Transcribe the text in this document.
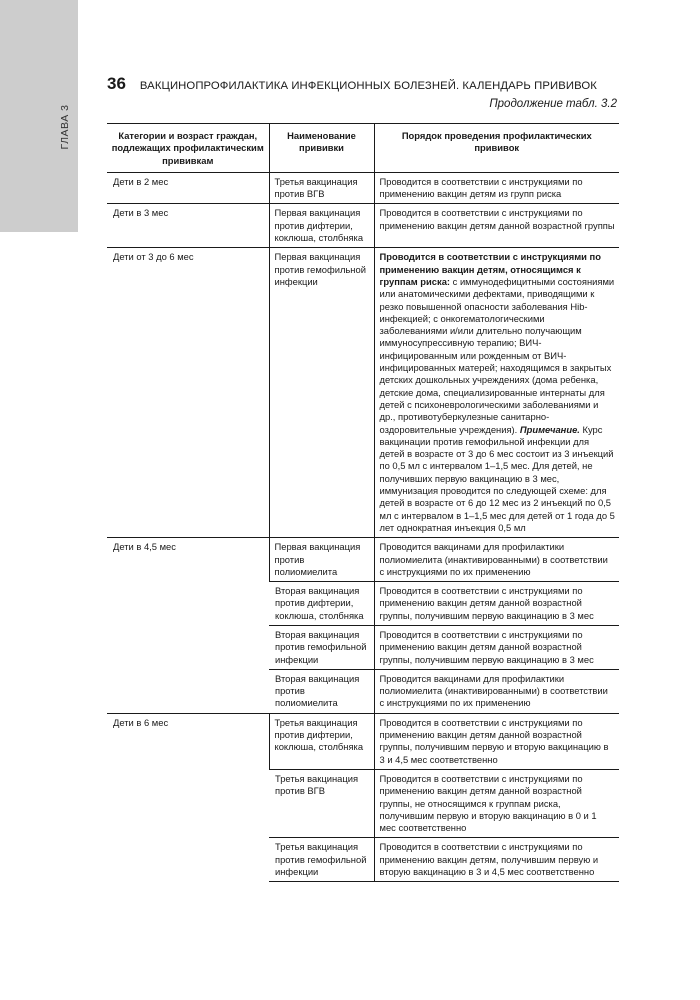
ГЛАВА 3
36 ВАКЦИНОПРОФИЛАКТИКА ИНФЕКЦИОННЫХ БОЛЕЗНЕЙ. КАЛЕНДАРЬ ПРИВИВОК
Продолжение табл. 3.2
Категории и возраст граждан, подлежащих профилактическим прививкам	Наименование прививки	Порядок проведения профилактических прививок
Дети в 2 мес	Третья вакцинация против ВГВ	Проводится в соответствии с инструкциями по применению вакцин детям из групп риска
Дети в 3 мес	Первая вакцинация против дифтерии, коклюша, столбняка	Проводится в соответствии с инструкциями по применению вакцин детям данной возрастной группы
Дети от 3 до 6 мес	Первая вакцинация против гемофильной инфекции	Проводится в соответствии с инструкциями по применению вакцин детям, относящимся к группам риска: с иммунодефицитными состояниями или анатомическими дефектами, приводящими к резко повышенной опасности заболевания Hib-инфекцией; с онкогематологическими заболеваниями и/или длительно получающим иммуносупрессивную терапию; ВИЧ-инфицированным или рожденным от ВИЧ-инфицированных матерей; находящимся в закрытых детских дошкольных учреждениях (дома ребенка, детские дома, специализированные интернаты для детей с психоневрологическими заболеваниями и др., противотуберкулезные санитарно-оздоровительные учреждения). Примечание. Курс вакцинации против гемофильной инфекции для детей в возрасте от 3 до 6 мес состоит из 3 инъекций по 0,5 мл с интервалом 1–1,5 мес. Для детей, не получивших первую вакцинацию в 3 мес, иммунизация проводится по следующей схеме: для детей в возрасте от 6 до 12 мес из 2 инъекций по 0,5 мл с интервалом в 1–1,5 мес для детей от 1 года до 5 лет однократная инъекция 0,5 мл
Дети в 4,5 мес	Первая вакцинация против полиомиелита	Проводится вакцинами для профилактики полиомиелита (инактивированными) в соответствии с инструкциями по их применению
	Вторая вакцинация против дифтерии, коклюша, столбняка	Проводится в соответствии с инструкциями по применению вакцин детям данной возрастной группы, получившим первую вакцинацию в 3 мес
	Вторая вакцинация против гемофильной инфекции	Проводится в соответствии с инструкциями по применению вакцин детям данной возрастной группы, получившим первую вакцинацию в 3 мес
	Вторая вакцинация против полиомиелита	Проводится вакцинами для профилактики полиомиелита (инактивированными) в соответствии с инструкциями по их применению
Дети в 6 мес	Третья вакцинация против дифтерии, коклюша, столбняка	Проводится в соответствии с инструкциями по применению вакцин детям данной возрастной группы, получившим первую и вторую вакцинацию в 3 и 4,5 мес соответственно
	Третья вакцинация против ВГВ	Проводится в соответствии с инструкциями по применению вакцин детям данной возрастной группы, не относящимся к группам риска, получившим первую и вторую вакцинацию в 0 и 1 мес соответственно
	Третья вакцинация против гемофильной инфекции	Проводится в соответствии с инструкциями по применению вакцин детям, получившим первую и вторую вакцинацию в 3 и 4,5 мес соответственно
